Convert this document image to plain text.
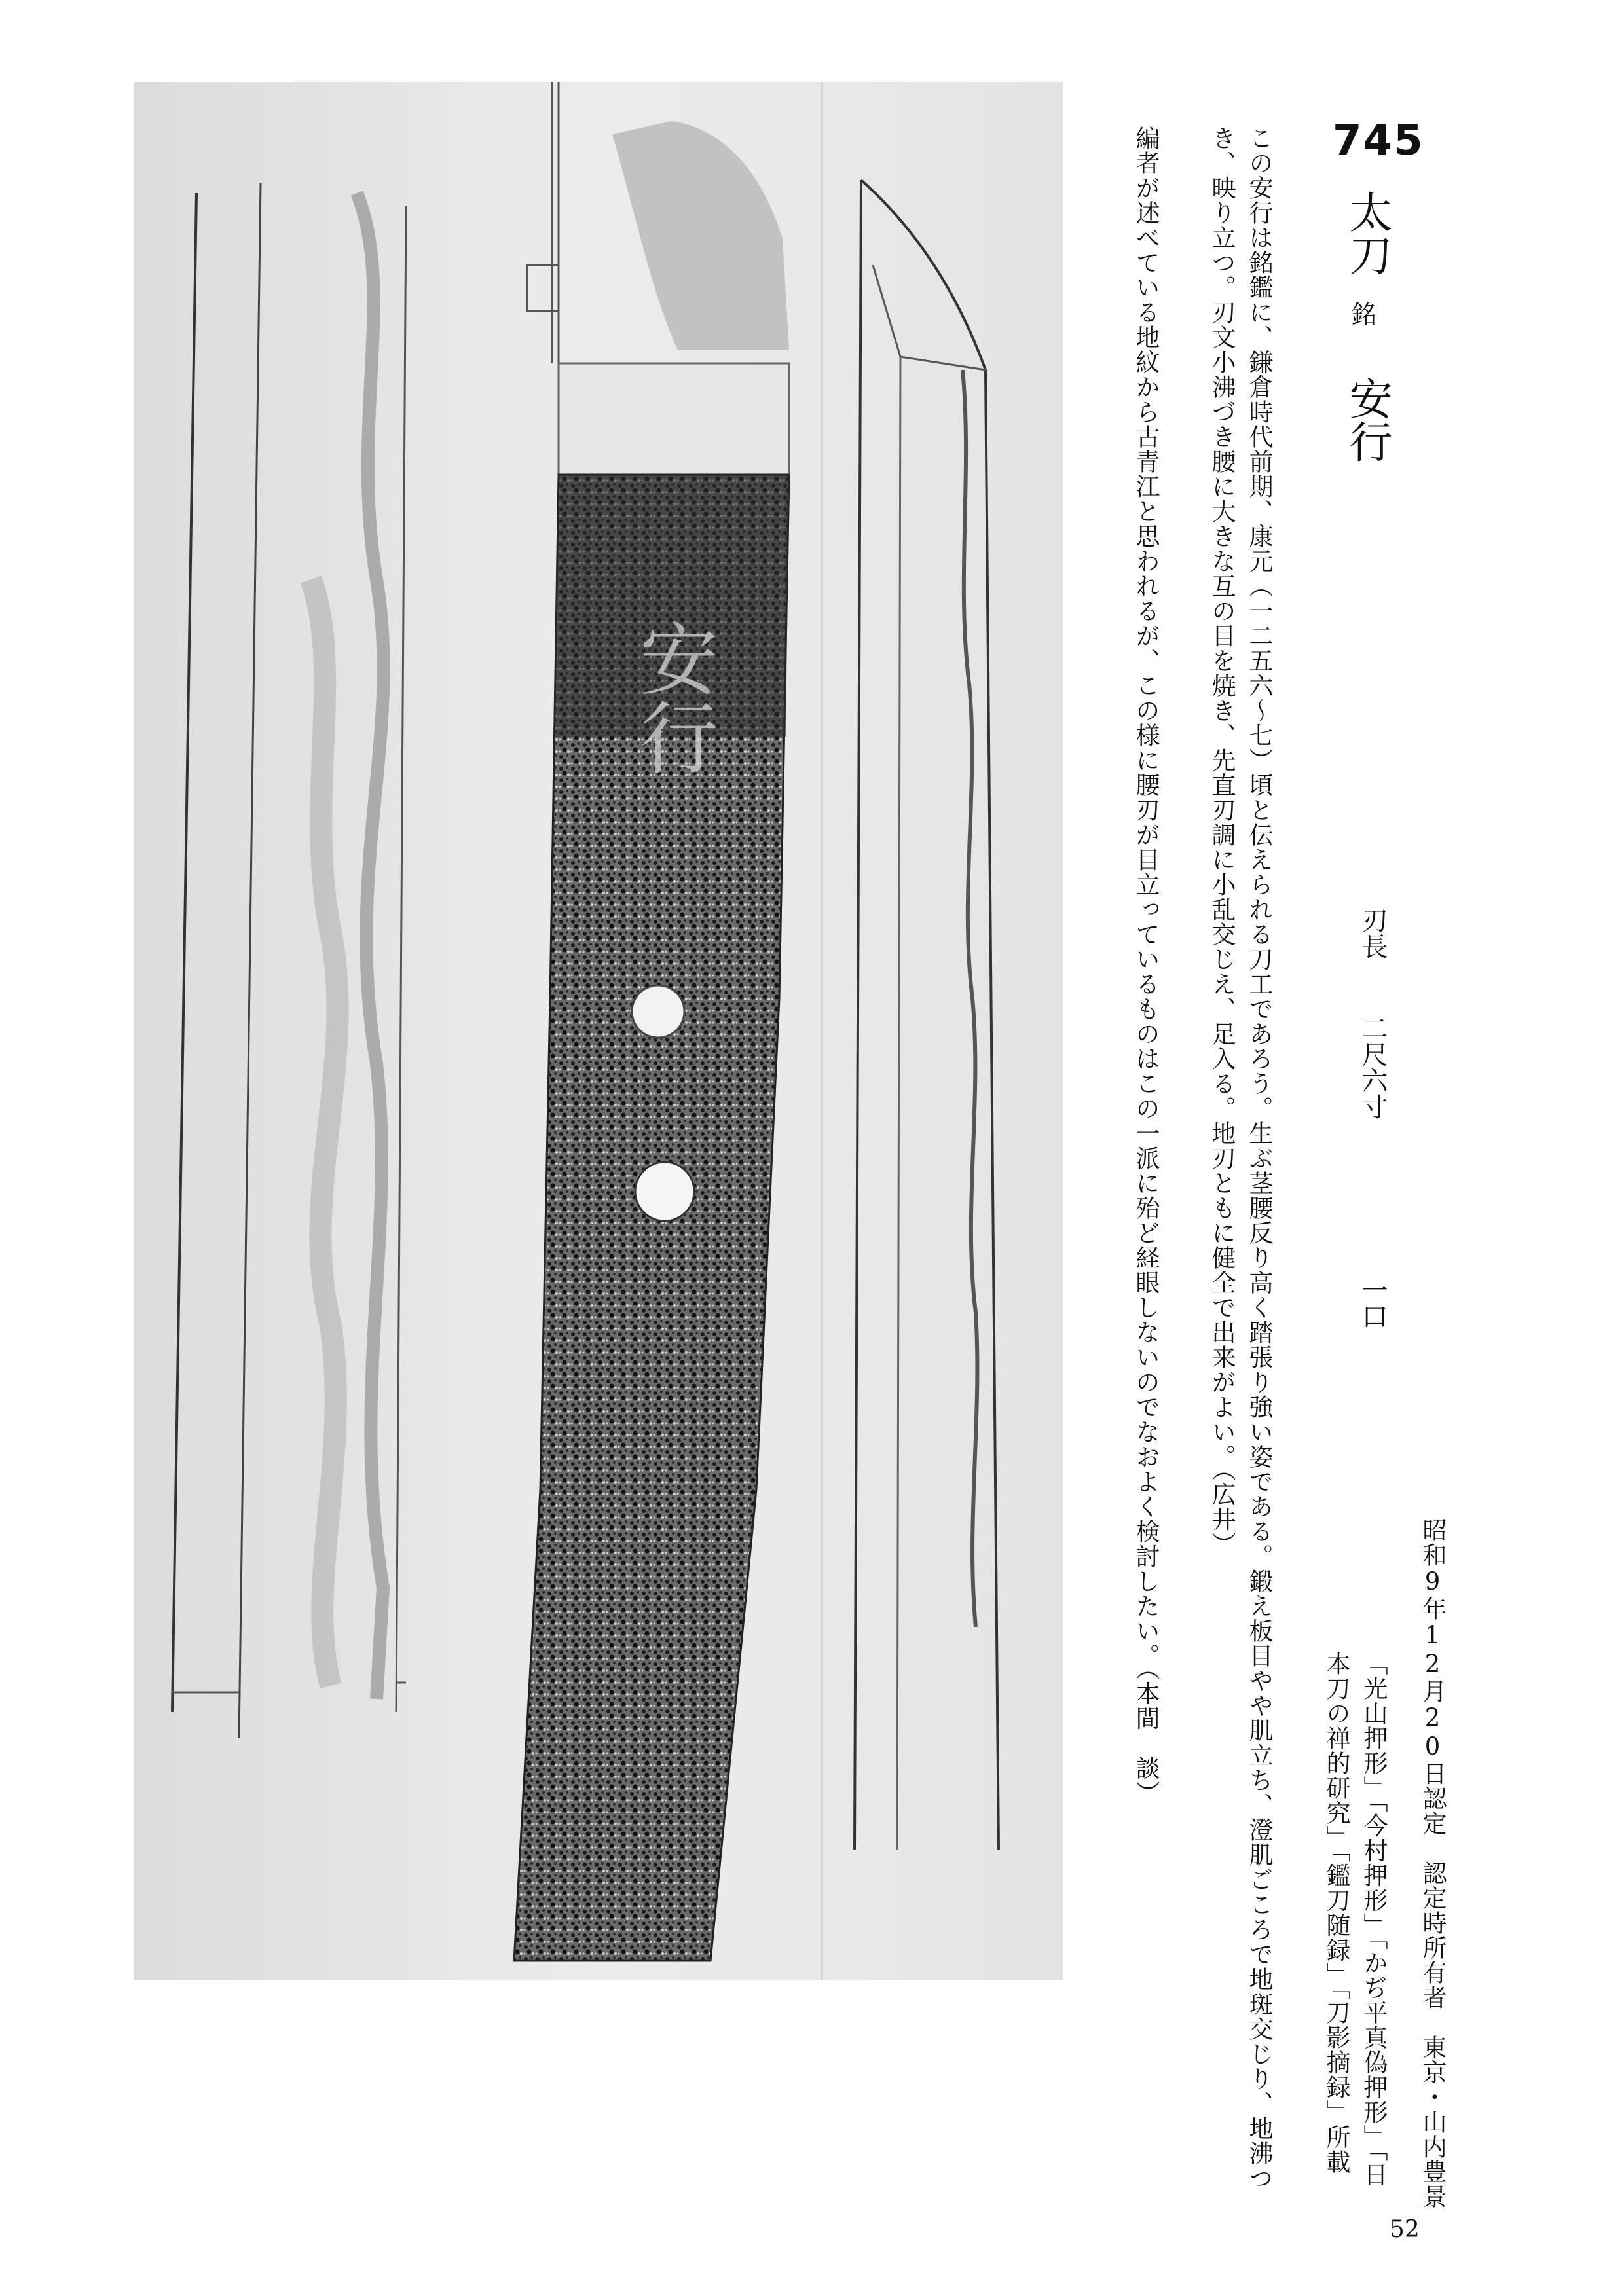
安行
745
太刀
銘
安行
刃長
二尺六寸
一口
この安行は銘鑑に、鎌倉時代前期、康元（一二五六〜七）頃と伝えられる刀工であろう。生ぶ茎腰反り高く踏張り強い姿である。鍛え板目やや肌立ち、澄肌ごころで地斑交じり、地沸つ
き、映り立つ。刃文小沸づき腰に大きな互の目を焼き、先直刃調に小乱交じえ、足入る。地刃ともに健全で出来がよい。（広井）
編者が述べている地紋から古青江と思われるが、この様に腰刃が目立っているものはこの一派に殆ど経眼しないのでなおよく検討したい。（本間　談）
昭和9年12月20日認定　認定時所有者　東京・山内豊景
「光山押形」「今村押形」「かぢ平真偽押形」「日
本刀の禅的研究」「鑑刀随録」「刀影摘録」所載
52
